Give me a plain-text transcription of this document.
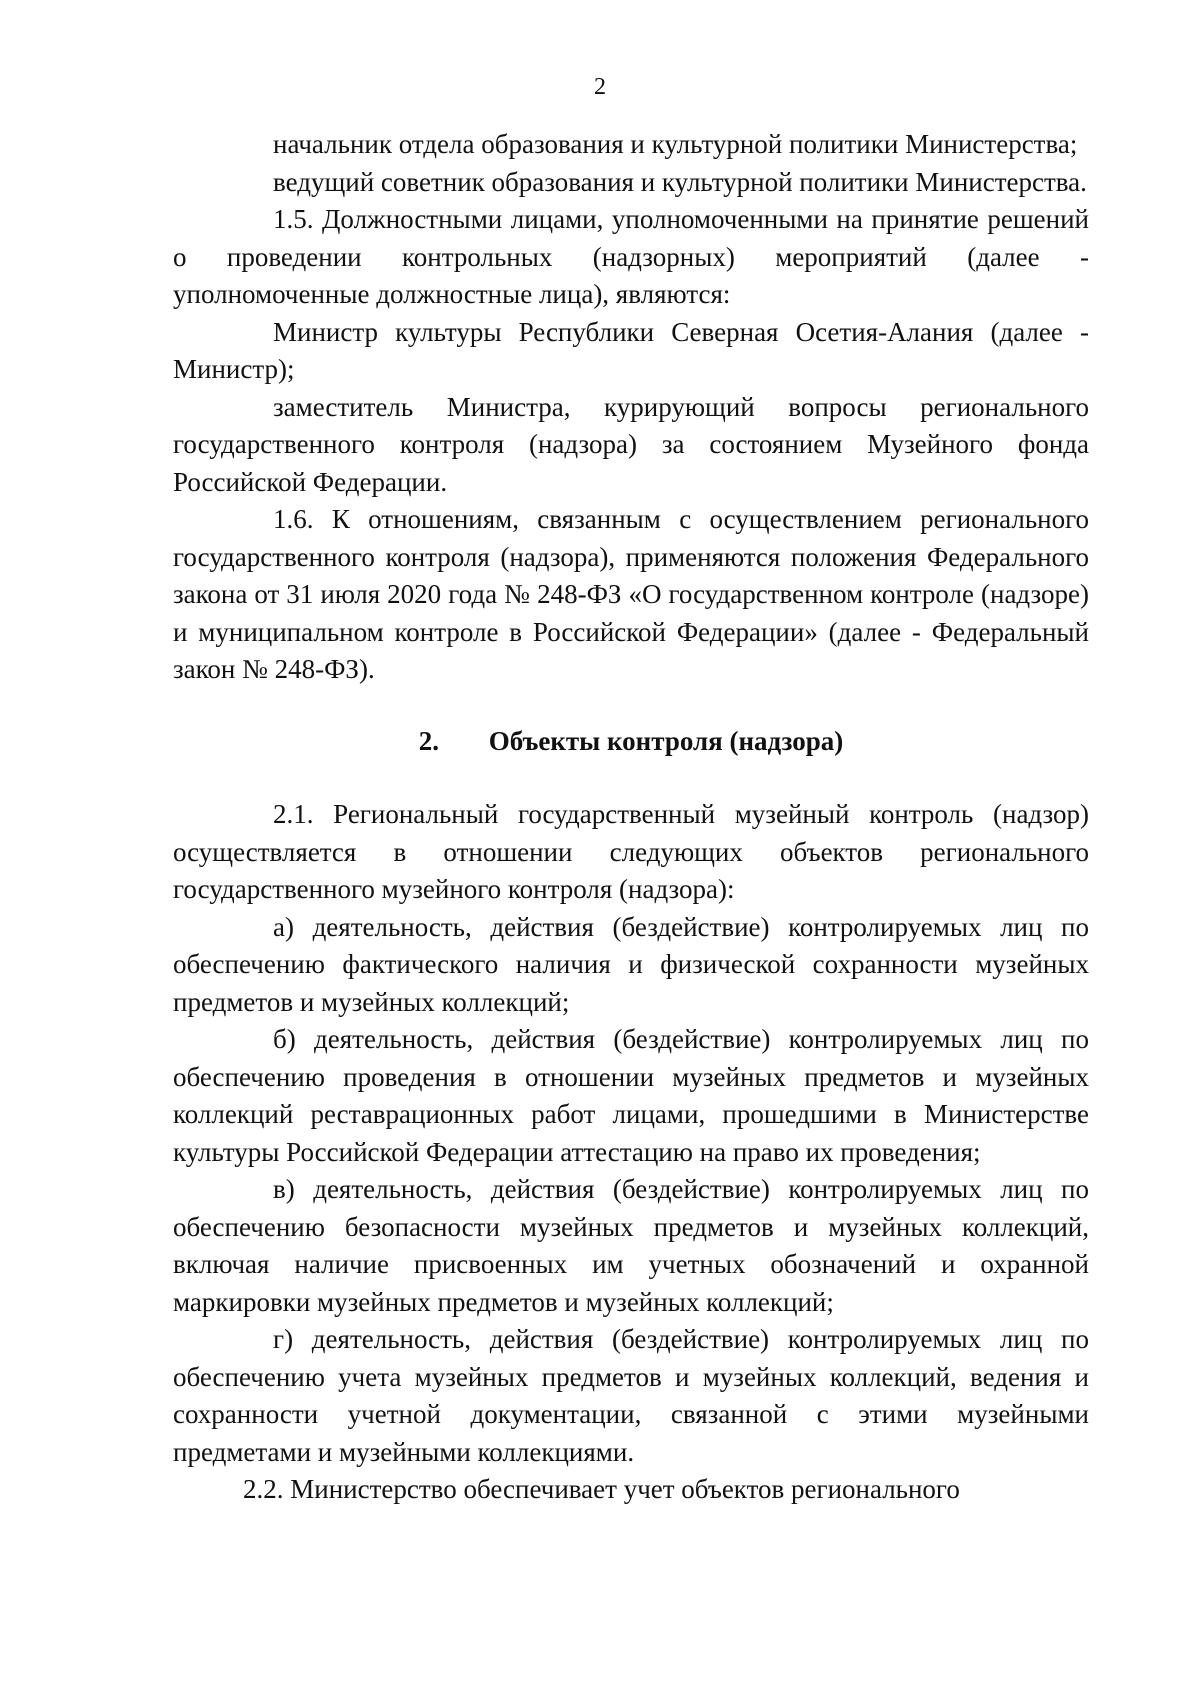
2

начальник отдела образования и культурной политики Министерства;

ведущий советник образования и культурной политики Министерства.

1.5. Должностными лицами, уполномоченными на принятие решений о проведении контрольных (надзорных) мероприятий (далее - уполномоченные должностные лица), являются:

Министр культуры Республики Северная Осетия-Алания (далее - Министр);

заместитель Министра, курирующий вопросы регионального государственного контроля (надзора) за состоянием Музейного фонда Российской Федерации.

1.6. К отношениям, связанным с осуществлением регионального государственного контроля (надзора), применяются положения Федерального закона от 31 июля 2020 года № 248-ФЗ «О государственном контроле (надзоре) и муниципальном контроле в Российской Федерации» (далее - Федеральный закон № 248-ФЗ).

2. Объекты контроля (надзора)

2.1. Региональный государственный музейный контроль (надзор) осуществляется в отношении следующих объектов регионального государственного музейного контроля (надзора):

а) деятельность, действия (бездействие) контролируемых лиц по обеспечению фактического наличия и физической сохранности музейных предметов и музейных коллекций;

б) деятельность, действия (бездействие) контролируемых лиц по обеспечению проведения в отношении музейных предметов и музейных коллекций реставрационных работ лицами, прошедшими в Министерстве культуры Российской Федерации аттестацию на право их проведения;

в) деятельность, действия (бездействие) контролируемых лиц по обеспечению безопасности музейных предметов и музейных коллекций, включая наличие присвоенных им учетных обозначений и охранной маркировки музейных предметов и музейных коллекций;

г) деятельность, действия (бездействие) контролируемых лиц по обеспечению учета музейных предметов и музейных коллекций, ведения и сохранности учетной документации, связанной с этими музейными предметами и музейными коллекциями.

2.2. Министерство обеспечивает учет объектов регионального
